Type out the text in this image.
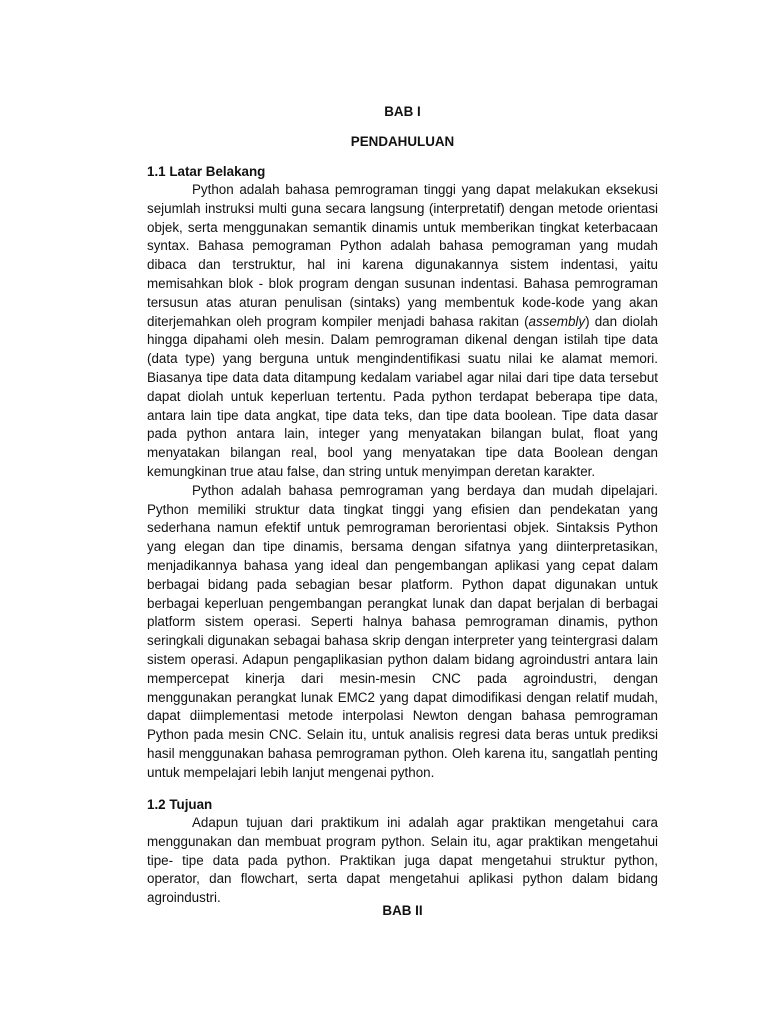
BAB I
PENDAHULUAN
1.1 Latar Belakang

Python adalah bahasa pemrograman tinggi yang dapat melakukan eksekusi sejumlah instruksi multi guna secara langsung (interpretatif) dengan metode orientasi objek, serta menggunakan semantik dinamis untuk memberikan tingkat keterbacaan syntax. Bahasa pemograman Python adalah bahasa pemograman yang mudah dibaca dan terstruktur, hal ini karena digunakannya sistem indentasi, yaitu memisahkan blok - blok program dengan susunan indentasi. Bahasa pemrograman tersusun atas aturan penulisan (sintaks) yang membentuk kode-kode yang akan diterjemahkan oleh program kompiler menjadi bahasa rakitan (assembly) dan diolah hingga dipahami oleh mesin. Dalam pemrograman dikenal dengan istilah tipe data (data type) yang berguna untuk mengindentifikasi suatu nilai ke alamat memori. Biasanya tipe data data ditampung kedalam variabel agar nilai dari tipe data tersebut dapat diolah untuk keperluan tertentu. Pada python terdapat beberapa tipe data, antara lain tipe data angkat, tipe data teks, dan tipe data boolean. Tipe data dasar pada python antara lain, integer yang menyatakan bilangan bulat, float yang menyatakan bilangan real, bool yang menyatakan tipe data Boolean dengan kemungkinan true atau false, dan string untuk menyimpan deretan karakter.

Python adalah bahasa pemrograman yang berdaya dan mudah dipelajari. Python memiliki struktur data tingkat tinggi yang efisien dan pendekatan yang sederhana namun efektif untuk pemrograman berorientasi objek. Sintaksis Python yang elegan dan tipe dinamis, bersama dengan sifatnya yang diinterpretasikan, menjadikannya bahasa yang ideal dan pengembangan aplikasi yang cepat dalam berbagai bidang pada sebagian besar platform. Python dapat digunakan untuk berbagai keperluan pengembangan perangkat lunak dan dapat berjalan di berbagai platform sistem operasi. Seperti halnya bahasa pemrograman dinamis, python seringkali digunakan sebagai bahasa skrip dengan interpreter yang teintergrasi dalam sistem operasi. Adapun pengaplikasian python dalam bidang agroindustri antara lain mempercepat kinerja dari mesin-mesin CNC pada agroindustri, dengan menggunakan perangkat lunak EMC2 yang dapat dimodifikasi dengan relatif mudah, dapat diimplementasi metode interpolasi Newton dengan bahasa pemrograman Python pada mesin CNC. Selain itu, untuk analisis regresi data beras untuk prediksi hasil menggunakan bahasa pemrograman python. Oleh karena itu, sangatlah penting untuk mempelajari lebih lanjut mengenai python.

1.2 Tujuan

Adapun tujuan dari praktikum ini adalah agar praktikan mengetahui cara menggunakan dan membuat program python. Selain itu, agar praktikan mengetahui tipe- tipe data pada python. Praktikan juga dapat mengetahui struktur python, operator, dan flowchart, serta dapat mengetahui aplikasi python dalam bidang agroindustri.

BAB II
